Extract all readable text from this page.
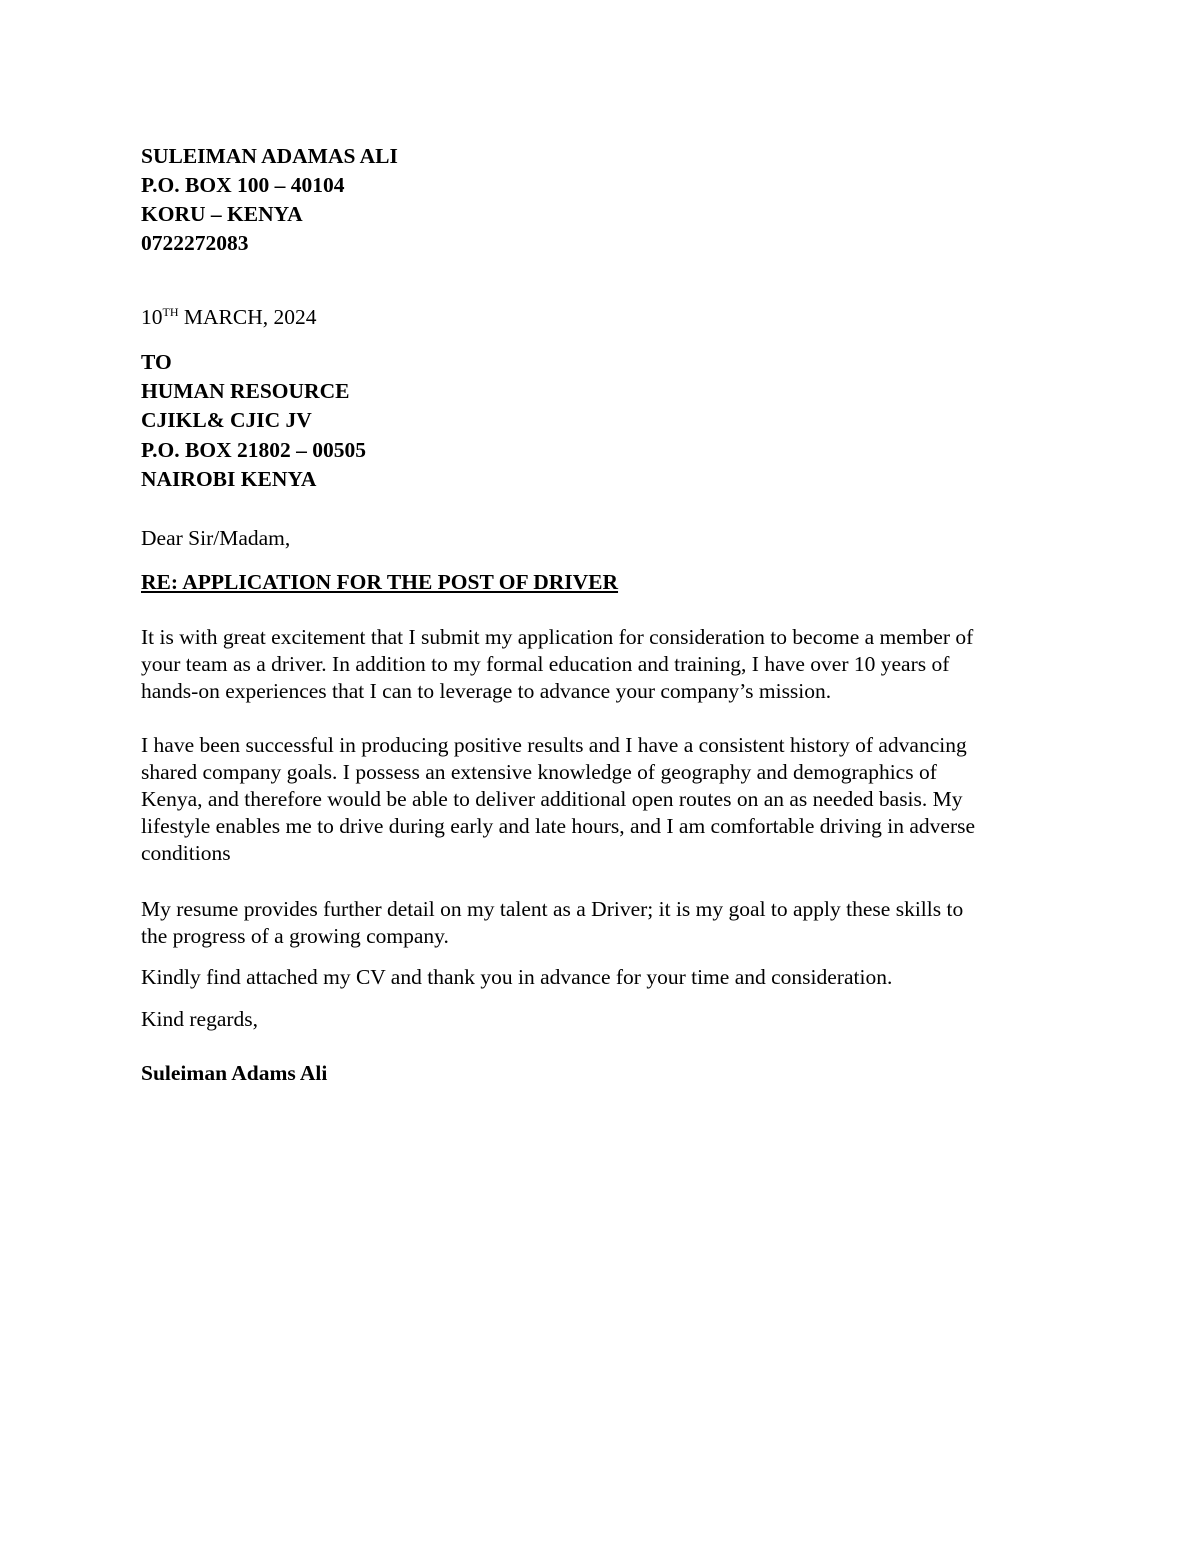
SULEIMAN ADAMAS ALI
P.O. BOX 100 – 40104
KORU – KENYA
0722272083
10TH MARCH, 2024
TO
HUMAN RESOURCE
CJIKL& CJIC JV
P.O. BOX 21802 – 00505
NAIROBI KENYA
Dear Sir/Madam,
RE: APPLICATION FOR THE POST OF DRIVER
It is with great excitement that I submit my application for consideration to become a member of
your team as a driver. In addition to my formal education and training, I have over 10 years of
hands-on experiences that I can to leverage to advance your company’s mission.
I have been successful in producing positive results and I have a consistent history of advancing
shared company goals. I possess an extensive knowledge of geography and demographics of
Kenya, and therefore would be able to deliver additional open routes on an as needed basis. My
lifestyle enables me to drive during early and late hours, and I am comfortable driving in adverse
conditions
My resume provides further detail on my talent as a Driver; it is my goal to apply these skills to
the progress of a growing company.
Kindly find attached my CV and thank you in advance for your time and consideration.
Kind regards,
Suleiman Adams Ali
